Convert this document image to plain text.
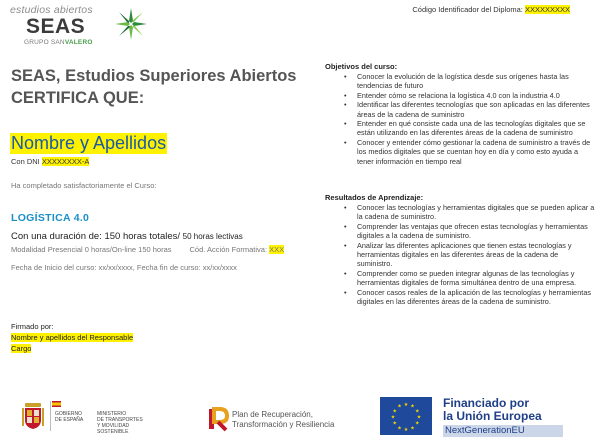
estudios abiertos
SEAS
GRUPO SANVALERO
Código Identificador del Diploma: XXXXXXXXX
SEAS, Estudios Superiores Abiertos
CERTIFICA QUE:
Nombre y Apellidos
Con DNI XXXXXXXX-A
Ha completado satisfactoriamente el Curso:
LOGÍSTICA 4.0
Con una duración de: 150 horas totales/ 50 horas lectivas
Modalidad Presencial 0 horas/On-line 150 horas Cód. Acción Formativa: XXX
Fecha de Inicio del curso: xx/xx/xxxx, Fecha fin de curso: xx/xx/xxxx
Firmado por:
Nombre y apellidos del Responsable
Cargo
Objetivos del curso:
• Conocer la evolución de la logística desde sus orígenes hasta las tendencias de futuro
• Entender cómo se relaciona la logística 4.0 con la industria 4.0
• Identificar las diferentes tecnologías que son aplicadas en las diferentes áreas de la cadena de suministro
• Entender en qué consiste cada una de las tecnologías digitales que se están utilizando en las diferentes áreas de la cadena de suministro
• Conocer y entender cómo gestionar la cadena de suministro a través de los medios digitales que se cuentan hoy en día y como esto ayuda a tener información en tiempo real
Resultados de Aprendizaje:
• Conocer las tecnologías y herramientas digitales que se pueden aplicar a la cadena de suministro.
• Comprender las ventajas que ofrecen estas tecnologías y herramientas digitales a la cadena de suministro.
• Analizar las diferentes aplicaciones que tienen estas tecnologías y herramientas digitales en las diferentes áreas de la cadena de suministro.
• Comprender como se pueden integrar algunas de las tecnologías y herramientas digitales de forma simultánea dentro de una empresa.
• Conocer casos reales de la aplicación de las tecnologías y herramientas digitales en las diferentes áreas de la cadena de suministro.
GOBIERNO
DE ESPAÑA
MINISTERIO
DE TRANSPORTES
Y MOVILIDAD SOSTENIBLE
Plan de Recuperación,
Transformación y Resiliencia
★ ★
★
★
★
★
★
★
★
★
★
★	Financiado por
la Unión Europea
NextGenerationEU
